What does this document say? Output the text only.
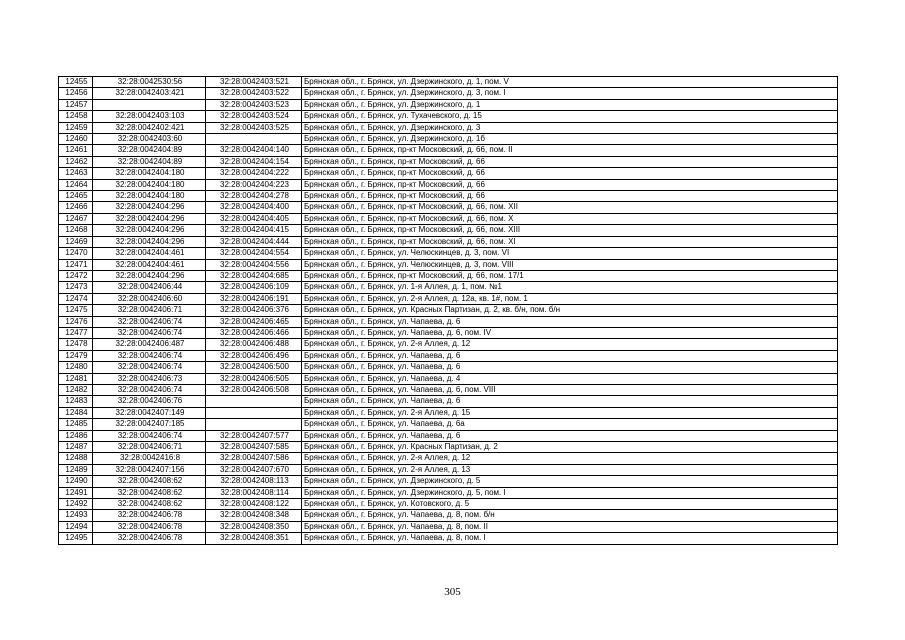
12455	32:28:0042530:56	32:28:0042403:521	Брянская обл., г. Брянск, ул. Дзержинского, д. 1, пом. V
12456	32:28:0042403:421	32:28:0042403:522	Брянская обл., г. Брянск, ул. Дзержинского, д. 3, пом. I
12457		32:28:0042403:523	Брянская обл., г. Брянск, ул. Дзержинского, д. 1
12458	32:28:0042403:103	32:28:0042403:524	Брянская обл., г. Брянск, ул. Тухачевского, д. 15
12459	32:28:0042402:421	32:28:0042403:525	Брянская обл., г. Брянск, ул. Дзержинского, д. 3
12460	32:28:0042403:60		Брянская обл., г. Брянск, ул. Дзержинского, д. 1б
12461	32:28:0042404:89	32:28:0042404:140	Брянская обл., г. Брянск, пр-кт Московский, д. 66, пом. II
12462	32:28:0042404:89	32:28:0042404:154	Брянская обл., г. Брянск, пр-кт Московский, д. 66
12463	32:28:0042404:180	32:28:0042404:222	Брянская обл., г. Брянск, пр-кт Московский, д. 66
12464	32:28:0042404:180	32:28:0042404:223	Брянская обл., г. Брянск, пр-кт Московский, д. 66
12465	32:28:0042404:180	32:28:0042404:278	Брянская обл., г. Брянск, пр-кт Московский, д. 66
12466	32:28:0042404:296	32:28:0042404:400	Брянская обл., г. Брянск, пр-кт Московский, д. 66, пом. XII
12467	32:28:0042404:296	32:28:0042404:405	Брянская обл., г. Брянск, пр-кт Московский, д. 66, пом. X
12468	32:28:0042404:296	32:28:0042404:415	Брянская обл., г. Брянск, пр-кт Московский, д. 66, пом. XIII
12469	32:28:0042404:296	32:28:0042404:444	Брянская обл., г. Брянск, пр-кт Московский, д. 66, пом. XI
12470	32:28:0042404:461	32:28:0042404:554	Брянская обл., г. Брянск, ул. Челюскинцев, д. 3, пом. VI
12471	32:28:0042404:461	32:28:0042404:556	Брянская обл., г. Брянск, ул. Челюскинцев, д. 3, пом. VIII
12472	32:28:0042404:296	32:28:0042404:685	Брянская обл., г. Брянск, пр-кт Московский, д. 66, пом. 17/1
12473	32:28:0042406:44	32:28:0042406:109	Брянская обл., г. Брянск, ул. 1-я Аллея, д. 1, пом. №1
12474	32:28:0042406:60	32:28:0042406:191	Брянская обл., г. Брянск, ул. 2-я Аллея, д. 12а, кв. 1#, пом. 1
12475	32:28:0042406:71	32:28:0042406:376	Брянская обл., г. Брянск, ул. Красных Партизан, д. 2, кв. б/н, пом. б/н
12476	32:28:0042406:74	32:28:0042406:465	Брянская обл., г. Брянск, ул. Чапаева, д. 6
12477	32:28:0042406:74	32:28:0042406:466	Брянская обл., г. Брянск, ул. Чапаева, д. 6, пом. IV
12478	32:28:0042406:487	32:28:0042406:488	Брянская обл., г. Брянск, ул. 2-я Аллея, д. 12
12479	32:28:0042406:74	32:28:0042406:496	Брянская обл., г. Брянск, ул. Чапаева, д. 6
12480	32:28:0042406:74	32:28:0042406:500	Брянская обл., г. Брянск, ул. Чапаева, д. 6
12481	32:28:0042406:73	32:28:0042406:505	Брянская обл., г. Брянск, ул. Чапаева, д. 4
12482	32:28:0042406:74	32:28:0042406:508	Брянская обл., г. Брянск, ул. Чапаева, д. 6, пом. VIII
12483	32:28:0042406:76		Брянская обл., г. Брянск, ул. Чапаева, д. 6
12484	32:28:0042407:149		Брянская обл., г. Брянск, ул. 2-я Аллея, д. 15
12485	32:28:0042407:185		Брянская обл., г. Брянск, ул. Чапаева, д. 6а
12486	32:28:0042406:74	32:28:0042407:577	Брянская обл., г. Брянск, ул. Чапаева, д. 6
12487	32:28:0042406:71	32:28:0042407:585	Брянская обл., г. Брянск, ул. Красных Партизан, д. 2
12488	32:28:0042416:8	32:28:0042407:586	Брянская обл., г. Брянск, ул. 2-я Аллея, д. 12
12489	32:28:0042407:156	32:28:0042407:670	Брянская обл., г. Брянск, ул. 2-я Аллея, д. 13
12490	32:28:0042408:62	32:28:0042408:113	Брянская обл., г. Брянск, ул. Дзержинского, д. 5
12491	32:28:0042408:62	32:28:0042408:114	Брянская обл., г. Брянск, ул. Дзержинского, д. 5, пом. I
12492	32:28:0042408:62	32:28:0042408:122	Брянская обл., г. Брянск, ул. Котовского, д. 5
12493	32:28:0042406:78	32:28:0042408:348	Брянская обл., г. Брянск, ул. Чапаева, д. 8, пом. б/н
12494	32:28:0042406:78	32:28:0042408:350	Брянская обл., г. Брянск, ул. Чапаева, д. 8, пом. II
12495	32:28:0042406:78	32:28:0042408:351	Брянская обл., г. Брянск, ул. Чапаева, д. 8, пом. I
305
